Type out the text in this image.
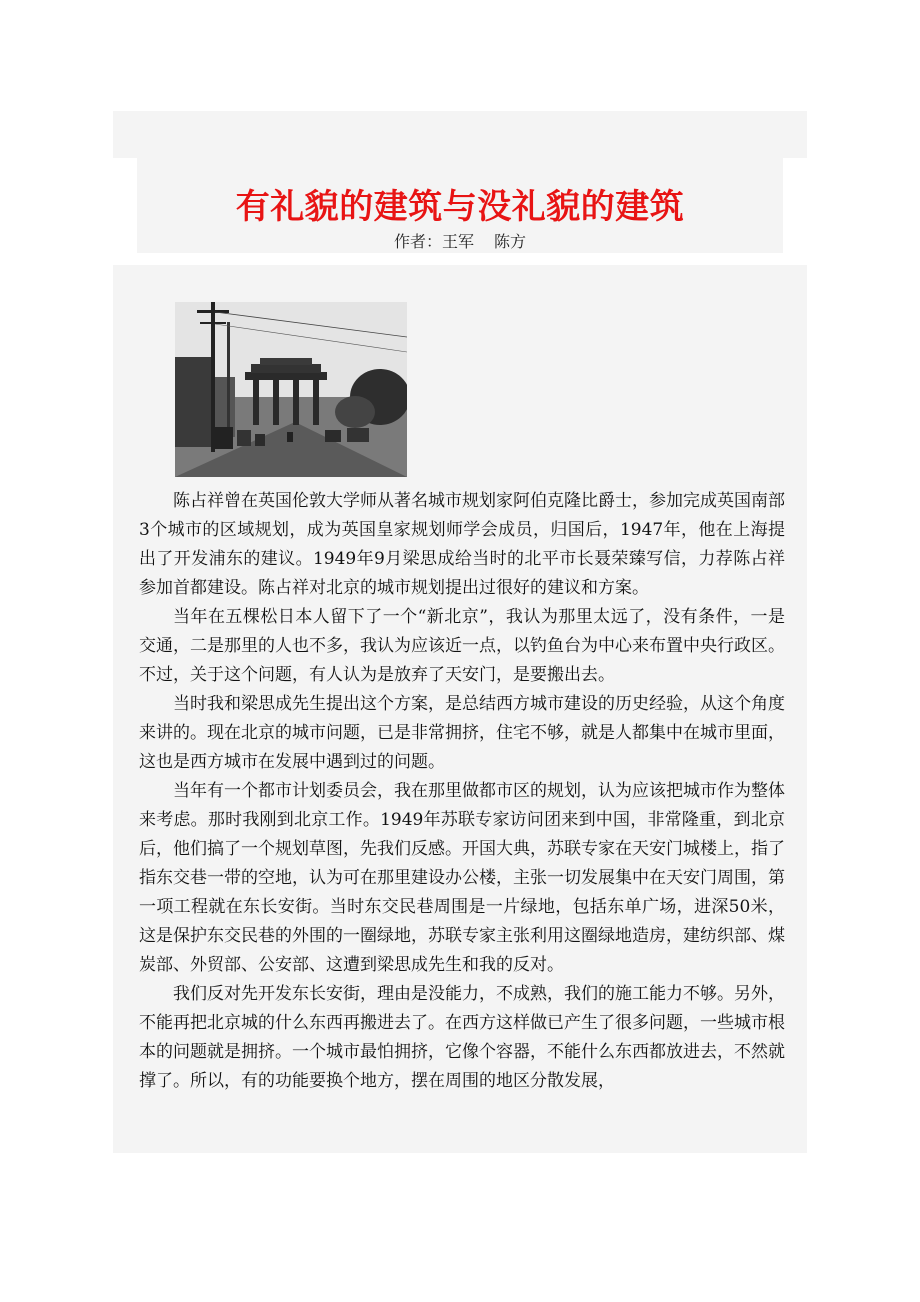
有礼貌的建筑与没礼貌的建筑
作者：王军 陈方

陈占祥曾在英国伦敦大学师从著名城市规划家阿伯克隆比爵士，参加完成英国南部3个城市的区域规划，成为英国皇家规划师学会成员，归国后，1947年，他在上海提出了开发浦东的建议。1949年9月梁思成给当时的北平市长聂荣臻写信，力荐陈占祥参加首都建设。陈占祥对北京的城市规划提出过很好的建议和方案。

当年在五棵松日本人留下了一个“新北京”，我认为那里太远了，没有条件，一是交通，二是那里的人也不多，我认为应该近一点，以钓鱼台为中心来布置中央行政区。不过，关于这个问题，有人认为是放弃了天安门，是要搬出去。

当时我和梁思成先生提出这个方案，是总结西方城市建设的历史经验，从这个角度来讲的。现在北京的城市问题，已是非常拥挤，住宅不够，就是人都集中在城市里面，这也是西方城市在发展中遇到过的问题。

当年有一个都市计划委员会，我在那里做都市区的规划，认为应该把城市作为整体来考虑。那时我刚到北京工作。1949年苏联专家访问团来到中国，非常隆重，到北京后，他们搞了一个规划草图，先我们反感。开国大典，苏联专家在天安门城楼上，指了指东交巷一带的空地，认为可在那里建设办公楼，主张一切发展集中在天安门周围，第一项工程就在东长安街。当时东交民巷周围是一片绿地，包括东单广场，进深50米，这是保护东交民巷的外围的一圈绿地，苏联专家主张利用这圈绿地造房，建纺织部、煤炭部、外贸部、公安部、这遭到梁思成先生和我的反对。

我们反对先开发东长安街，理由是没能力，不成熟，我们的施工能力不够。另外，不能再把北京城的什么东西再搬进去了。在西方这样做已产生了很多问题，一些城市根本的问题就是拥挤。一个城市最怕拥挤，它像个容器，不能什么东西都放进去，不然就撑了。所以，有的功能要换个地方，摆在周围的地区分散发展，
